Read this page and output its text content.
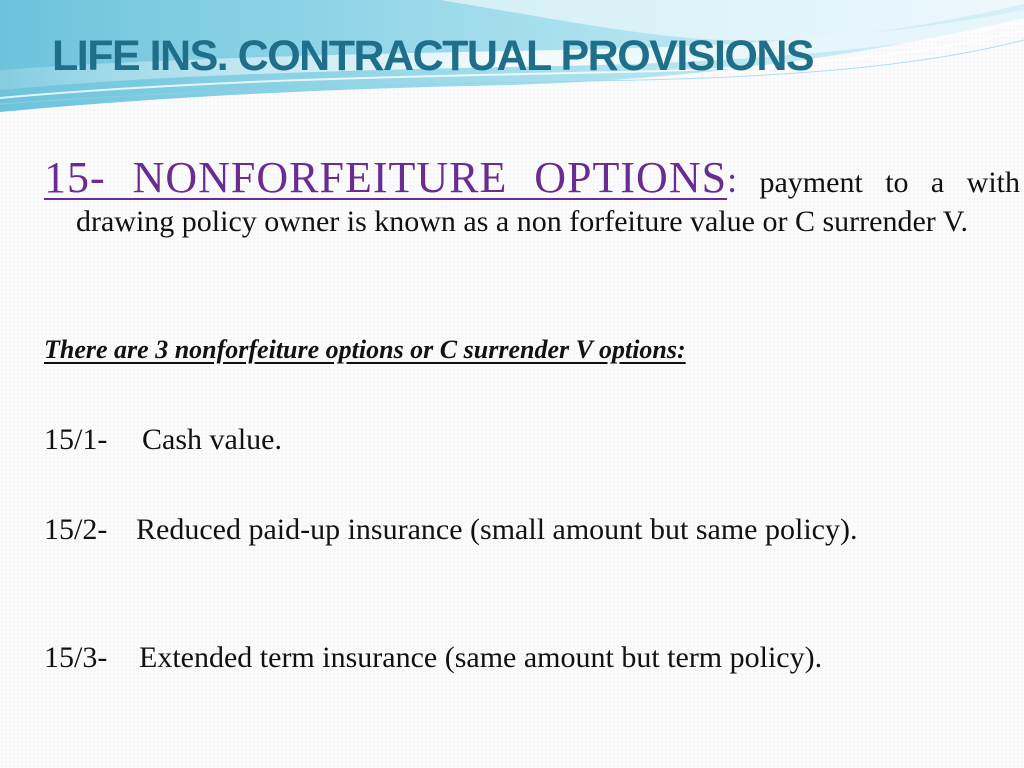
LIFE INS. CONTRACTUAL PROVISIONS

15- NONFORFEITURE OPTIONS: payment to a with drawing policy owner is known as a non forfeiture value or C surrender V.

There are 3 nonforfeiture options or C surrender V options:

15/1- Cash value.

15/2- Reduced paid-up insurance (small amount but same policy).

15/3- Extended term insurance (same amount but term policy).
